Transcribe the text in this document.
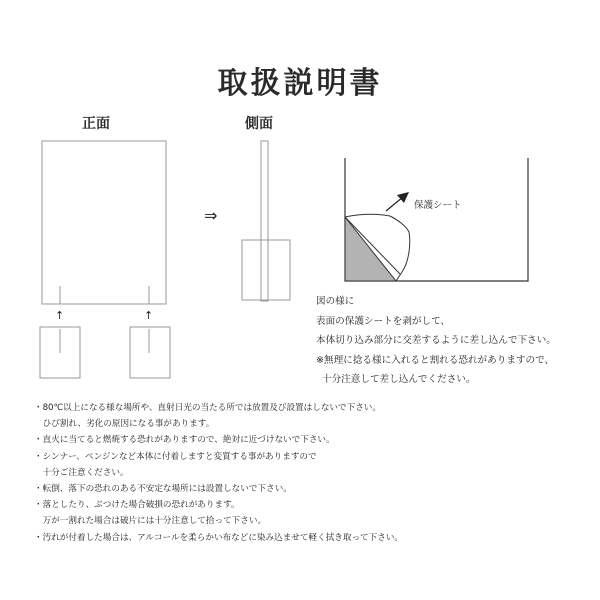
取扱説明書
正面	側面
⇒
↑	↑
保護シート
図の様に
表面の保護シートを剥がして、
本体切り込み部分に交差するように差し込んで下さい。
※無理に捻る様に入れると割れる恐れがありますので、
十分注意して差し込んでください。
・80℃以上になる様な場所や、直射日光の当たる所では放置及び設置はしないで下さい。
　ひび割れ、劣化の原因になる事があります。
・直火に当てると燃焼する恐れがありますので、絶対に近づけないで下さい。
・シンナー、ベンジンなど本体に付着しますと変質する事がありますので
　十分ご注意ください。
・転倒、落下の恐れのある不安定な場所には設置しないで下さい。
・落としたり、ぶつけた場合破損の恐れがあります。
　万が一割れた場合は破片には十分注意して拾って下さい。
・汚れが付着した場合は、アルコールを柔らかい布などに染み込ませて軽く拭き取って下さい。
